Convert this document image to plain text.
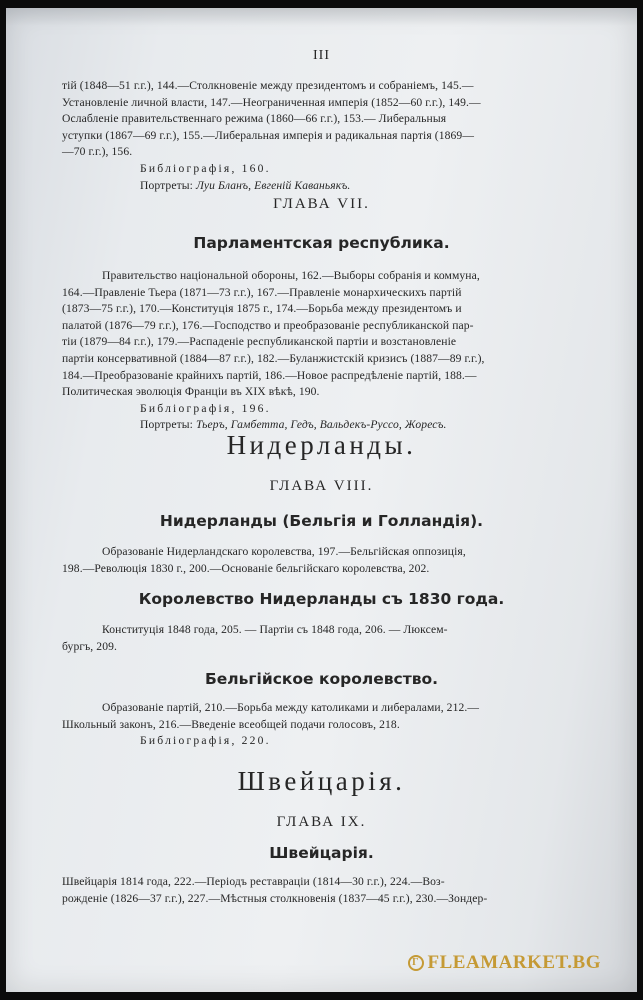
III

тiй (1848—51 г.г.), 144.—Столкновенiе между президентомъ и собранiемъ, 145.—

Установленiе личной власти, 147.—Неограниченная имперiя (1852—60 г.г.), 149.—

Ослабленiе правительственнаго режима (1860—66 г.г.), 153.— Либеральныя

уступки (1867—69 г.г.), 155.—Либеральная имперiя и радикальная партiя (1869—

—70 г.г.), 156.

Библiографiя, 160.

Портреты: Луи Бланъ, Евгенiй Каваньякъ.

ГЛАВА VII.
Парламентская республика.

Правительство нацiональной обороны, 162.—Выборы собранiя и коммуна,

164.—Правленiе Тьера (1871—73 г.г.), 167.—Правленiе монархическихъ партiй

(1873—75 г.г.), 170.—Конституцiя 1875 г., 174.—Борьба между президентомъ и

палатой (1876—79 г.г.), 176.—Господство и преобразованiе республиканской пар-

тiи (1879—84 г.г.), 179.—Распаденiе республиканской партiи и возстановленiе

партiи консервативной (1884—87 г.г.), 182.—Буланжистскiй кризисъ (1887—89 г.г.),

184.—Преобразованiе крайнихъ партiй, 186.—Новое распредѣленiе партiй, 188.—

Политическая эволюцiя Францiи въ XIX вѣкѣ, 190.

Библiографiя, 196.

Портреты: Тьеръ, Гамбетта, Гедъ, Вальдекъ-Руссо, Жоресъ.

Нидерланды.
ГЛАВА VIII.
Нидерланды (Бельгiя и Голландiя).

Образованiе Нидерландскаго королевства, 197.—Бельгiйская оппозицiя,

198.—Революцiя 1830 г., 200.—Основанiе бельгiйскаго королевства, 202.

Королевство Нидерланды съ 1830 года.

Конституцiя 1848 года, 205. — Партiи съ 1848 года, 206. — Люксем-

бургъ, 209.

Бельгiйское королевство.

Образованiе партiй, 210.—Борьба между католиками и либералами, 212.—

Школьный законъ, 216.—Введенiе всеобщей подачи голосовъ, 218.

Библiографiя, 220.

Швейцарiя.
ГЛАВА IX.
Швейцарiя.

Швейцарiя 1814 года, 222.—Перiодъ реставрацiи (1814—30 г.г.), 224.—Воз-

рожденiе (1826—37 г.г.), 227.—Мѣстныя столкновенiя (1837—45 г.г.), 230.—Зондер-

Г FLEAMARKET.BG
